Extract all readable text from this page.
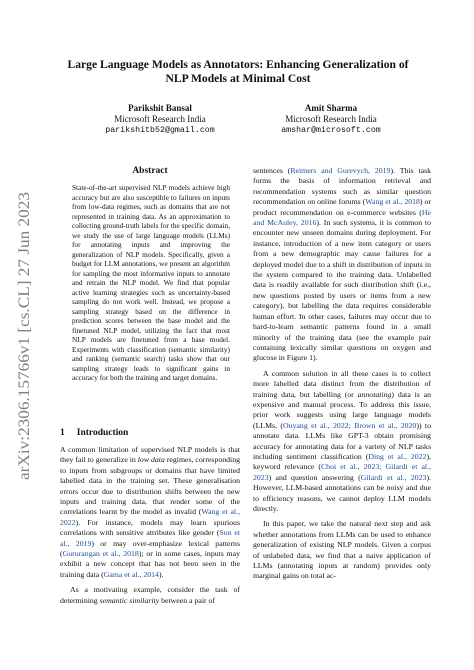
arXiv:2306.15766v1 [cs.CL] 27 Jun 2023
Large Language Models as Annotators: Enhancing Generalization of NLP Models at Minimal Cost
Parikshit Bansal
Microsoft Research India
parikshitb52@gmail.com
Amit Sharma
Microsoft Research India
amshar@microsoft.com
Abstract
State-of-the-art supervised NLP models achieve high accuracy but are also susceptible to failures on inputs from low-data regimes, such as domains that are not represented in training data. As an approximation to collecting ground-truth labels for the specific domain, we study the use of large language models (LLMs) for annotating inputs and improving the generalization of NLP models. Specifically, given a budget for LLM annotations, we present an algorithm for sampling the most informative inputs to annotate and retrain the NLP model. We find that popular active learning strategies such as uncertainty-based sampling do not work well. Instead, we propose a sampling strategy based on the difference in prediction scores between the base model and the finetuned NLP model, utilizing the fact that most NLP models are finetuned from a base model. Experiments with classification (semantic similarity) and ranking (semantic search) tasks show that our sampling strategy leads to significant gains in accuracy for both the training and target domains.
1 Introduction

A common limitation of supervised NLP models is that they fail to generalize in low data regimes, corresponding to inputs from subgroups or domains that have limited labelled data in the training set. These generalisation errors occur due to distribution shifts between the new inputs and training data, that render some of the correlations learnt by the model as invalid (Wang et al., 2022). For instance, models may learn spurious correlations with sensitive attributes like gender (Sun et al., 2019) or may over-emphasize lexical patterns (Gururangan et al., 2018); or in some cases, inputs may exhibit a new concept that has not been seen in the training data (Gama et al., 2014).

As a motivating example, consider the task of determining semantic similarity between a pair of

sentences (Reimers and Gurevych, 2019). This task forms the basis of information retrieval and recommendation systems such as similar question recommendation on online forums (Wang et al., 2018) or product recommendation on e-commerce websites (He and McAuley, 2016). In such systems, it is common to encounter new unseen domains during deployment. For instance, introduction of a new item category or users from a new demographic may cause failures for a deployed model due to a shift in distribution of inputs in the system compared to the training data. Unlabelled data is readily available for such distribution shift (i.e., new questions posted by users or items from a new category), but labelling the data requires considerable human effort. In other cases, failures may occur due to hard-to-learn semantic patterns found in a small minority of the training data (see the example pair containing lexically similar questions on oxygen and glucose in Figure 1).

A common solution in all these cases is to collect more labelled data distinct from the distribution of training data, but labelling (or annotating) data is an expensive and manual process. To address this issue, prior work suggests using large language models (LLMs, (Ouyang et al., 2022; Brown et al., 2020)) to annotate data. LLMs like GPT-3 obtain promising accuracy for annotating data for a variety of NLP tasks including sentiment classification (Ding et al., 2022), keyword relevance (Choi et al., 2023; Gilardi et al., 2023) and question answering (Gilardi et al., 2023). However, LLM-based annotations can be noisy and due to efficiency reasons, we cannot deploy LLM models directly.

In this paper, we take the natural next step and ask whether annotations from LLMs can be used to enhance generalization of existing NLP models. Given a corpus of unlabeled data, we find that a naive application of LLMs (annotating inputs at random) provides only marginal gains on total ac-
